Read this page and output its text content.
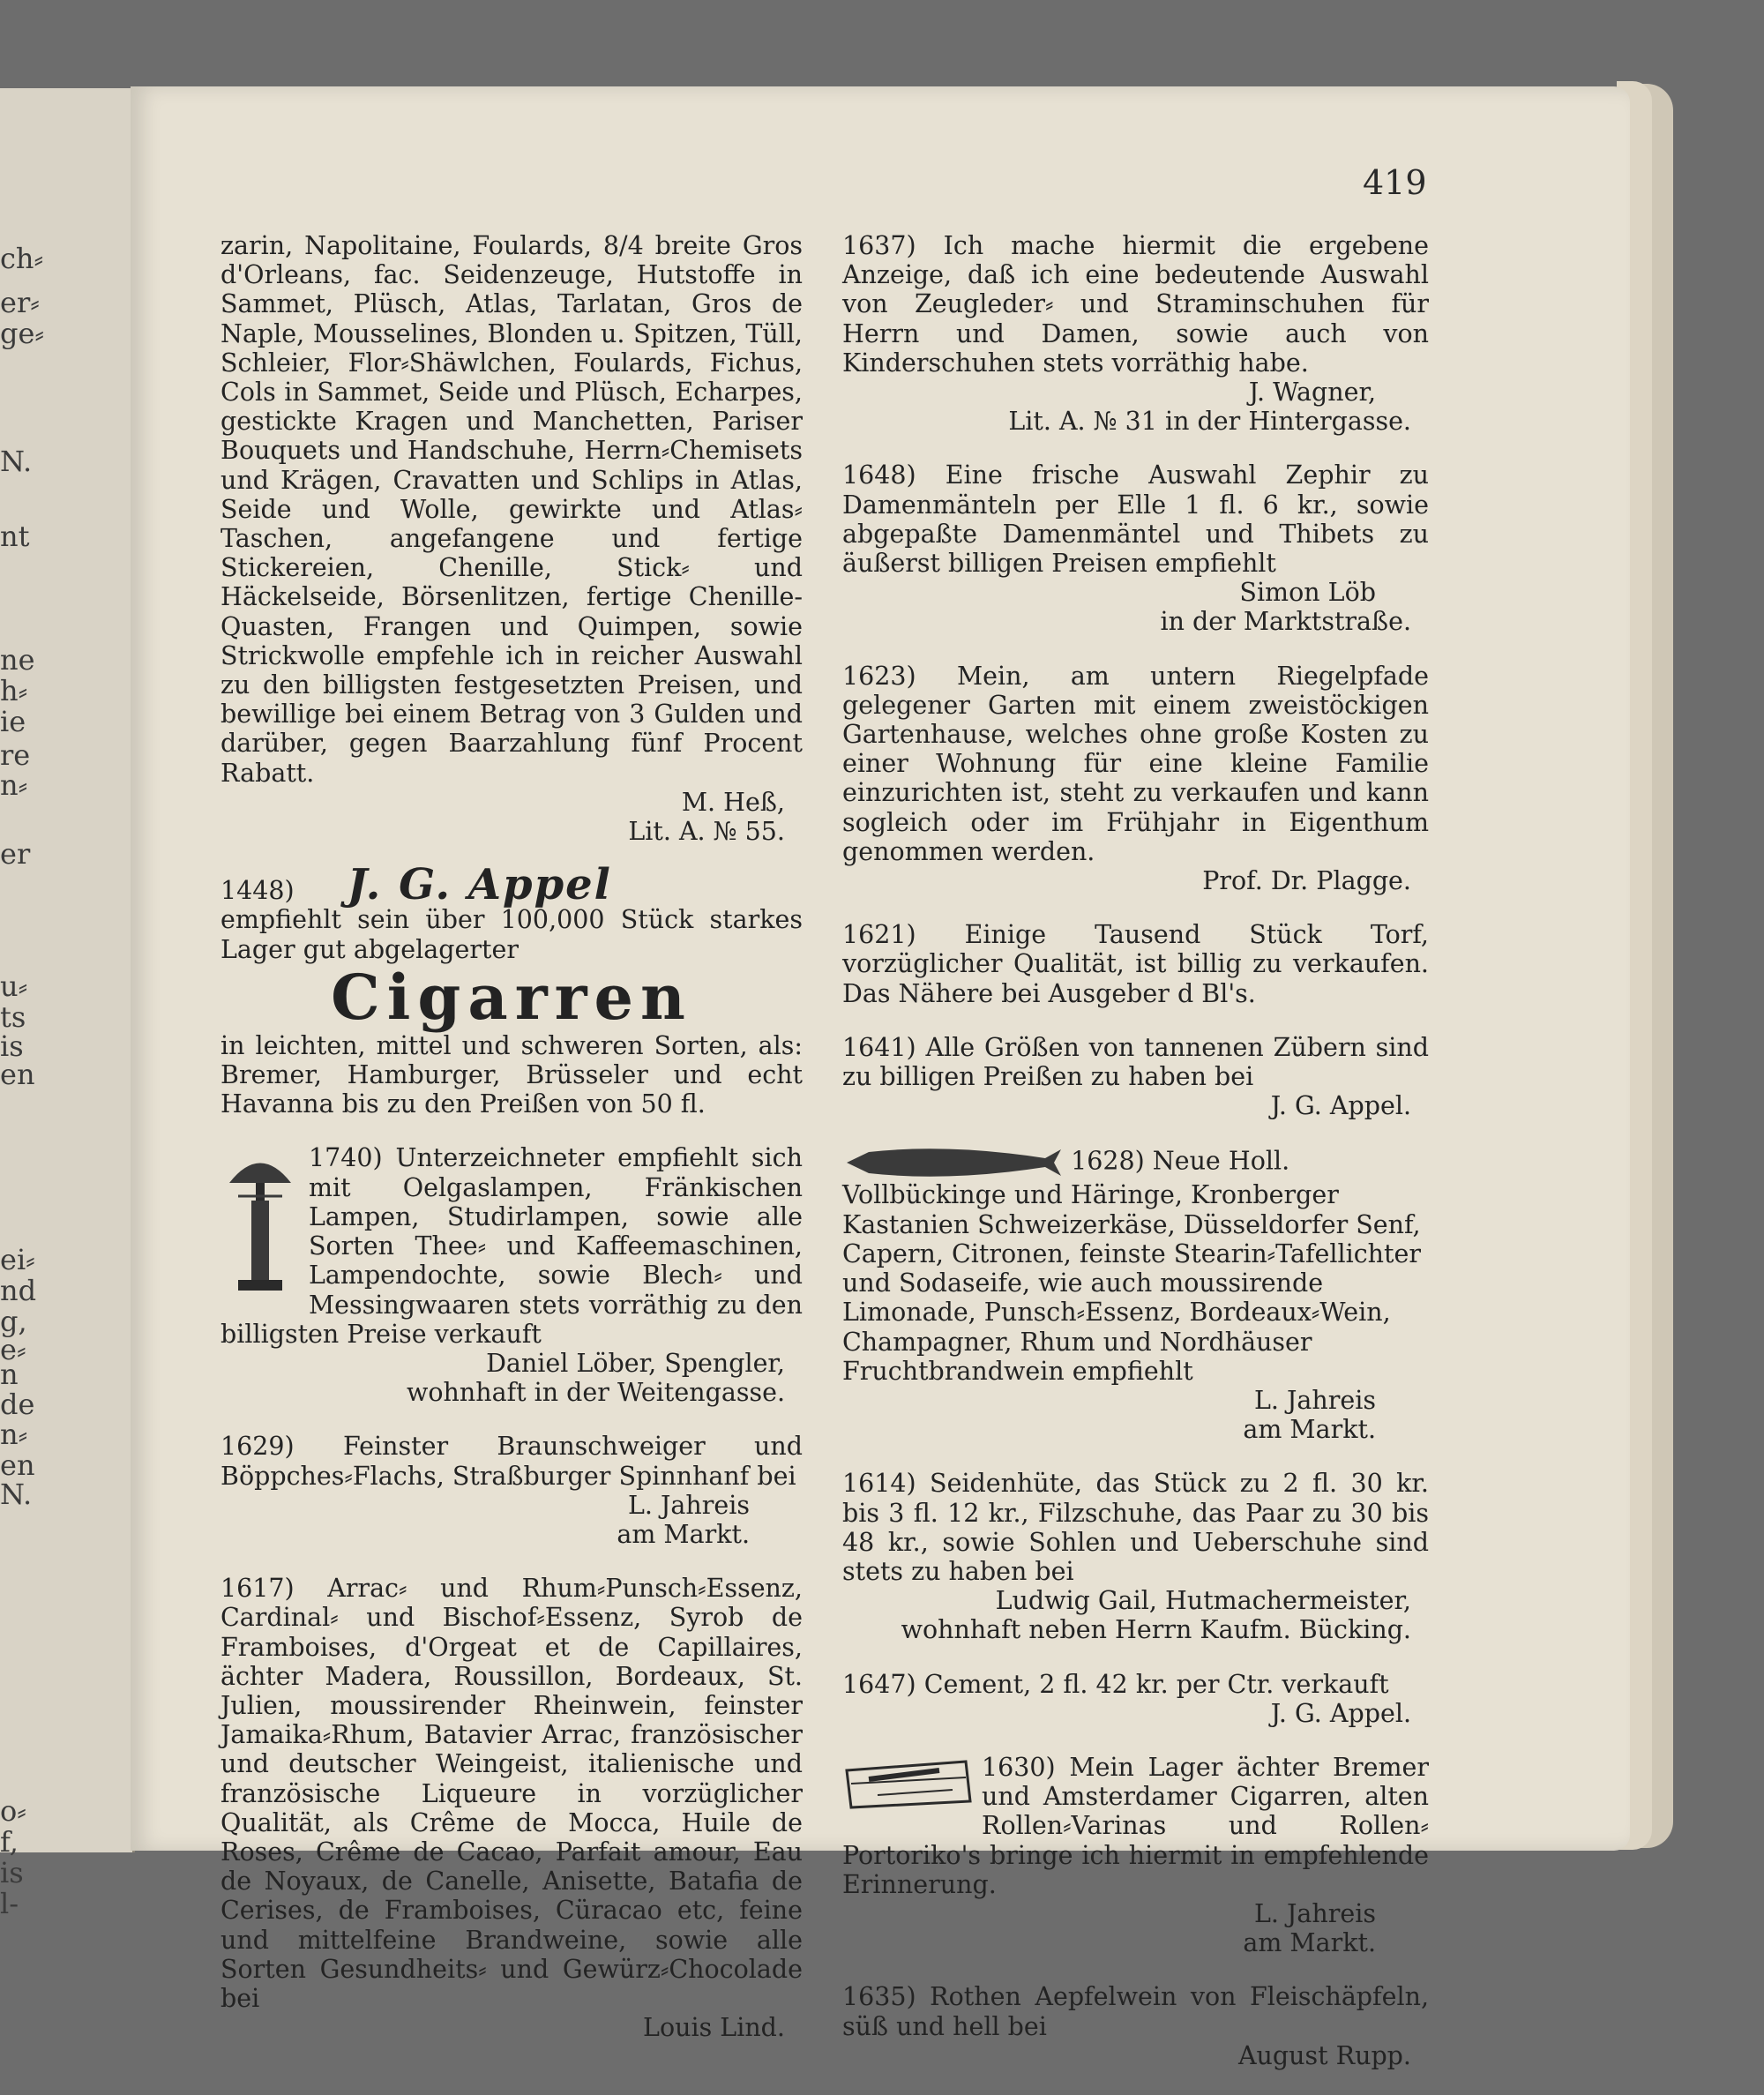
ch⸗
er⸗
ge⸗
N.
nt
ne
h⸗
ie
re
n⸗
er
u⸗
ts
is
en
ei⸗
nd
g,
e⸗
n
de
n⸗
en
N.
o⸗
f,
is
l-
419

zarin, Napolitaine, Foulards, 8/4 breite Gros d'Orleans, fac. Seidenzeuge, Hutstoffe in Sammet, Plüsch, Atlas, Tarlatan, Gros de Naple, Mousselines, Blonden u. Spitzen, Tüll, Schleier, Flor⸗Shäwlchen, Foulards, Fichus, Cols in Sammet, Seide und Plüsch, Echarpes, gestickte Kragen und Manchetten, Pariser Bouquets und Handschuhe, Herrn⸗Chemisets und Krägen, Cravatten und Schlips in Atlas, Seide und Wolle, gewirkte und Atlas⸗Taschen, angefangene und fertige Stickereien, Chenille, Stick⸗ und Häckelseide, Börsenlitzen, fertige Chenille-Quasten, Frangen und Quimpen, sowie Strickwolle empfehle ich in reicher Auswahl zu den billigsten festgesetzten Preisen, und bewillige bei einem Betrag von 3 Gulden und darüber, gegen Baarzahlung fünf Procent Rabatt.

M. Heß,
Lit. A. № 55.
1448) J. G. Appel

empfiehlt sein über 100,000 Stück starkes Lager gut abgelagerter

Cigarren

in leichten, mittel und schweren Sorten, als: Bremer, Hamburger, Brüsseler und echt Havanna bis zu den Preißen von 50 fl.

1740) Unterzeichneter empfiehlt sich mit Oelgaslampen, Fränkischen Lampen, Studirlampen, sowie alle Sorten Thee⸗ und Kaffeemaschinen, Lampendochte, sowie Blech⸗ und Messingwaaren stets vorräthig zu den billigsten Preise verkauft

Daniel Löber, Spengler,
wohnhaft in der Weitengasse.

1629) Feinster Braunschweiger und Böppches⸗Flachs, Straßburger Spinnhanf bei

L. Jahreis
am Markt.

1617) Arrac⸗ und Rhum⸗Punsch⸗Essenz, Cardinal⸗ und Bischof⸗Essenz, Syrob de Framboises, d'Orgeat et de Capillaires, ächter Madera, Roussillon, Bordeaux, St. Julien, moussirender Rheinwein, feinster Jamaika⸗Rhum, Batavier Arrac, französischer und deutscher Weingeist, italienische und französische Liqueure in vorzüglicher Qualität, als Crême de Mocca, Huile de Roses, Crême de Cacao, Parfait amour, Eau de Noyaux, de Canelle, Anisette, Batafia de Cerises, de Framboises, Cüracao etc, feine und mittelfeine Brandweine, sowie alle Sorten Gesundheits⸗ und Gewürz⸗Chocolade bei

Louis Lind.

1637) Ich mache hiermit die ergebene Anzeige, daß ich eine bedeutende Auswahl von Zeugleder⸗ und Straminschuhen für Herrn und Damen, sowie auch von Kinderschuhen stets vorräthig habe.

J. Wagner,
Lit. A. № 31 in der Hintergasse.

1648) Eine frische Auswahl Zephir zu Damenmänteln per Elle 1 fl. 6 kr., sowie abgepaßte Damenmäntel und Thibets zu äußerst billigen Preisen empfiehlt

Simon Löb
in der Marktstraße.

1623) Mein, am untern Riegelpfade gelegener Garten mit einem zweistöckigen Gartenhause, welches ohne große Kosten zu einer Wohnung für eine kleine Familie einzurichten ist, steht zu verkaufen und kann sogleich oder im Frühjahr in Eigenthum genommen werden.

Prof. Dr. Plagge.

1621) Einige Tausend Stück Torf, vorzüglicher Qualität, ist billig zu verkaufen. Das Nähere bei Ausgeber d Bl's.

1641) Alle Größen von tannenen Zübern sind zu billigen Preißen zu haben bei

J. G. Appel.
1628) Neue Holl. Vollbückinge und Häringe, Kronberger Kastanien Schweizerkäse, Düsseldorfer Senf, Capern, Citronen, feinste Stearin⸗Tafellichter und Sodaseife, wie auch moussirende Limonade, Punsch⸗Essenz, Bordeaux⸗Wein, Champagner, Rhum und Nordhäuser Fruchtbrandwein empfiehlt
L. Jahreis
am Markt.

1614) Seidenhüte, das Stück zu 2 fl. 30 kr. bis 3 fl. 12 kr., Filzschuhe, das Paar zu 30 bis 48 kr., sowie Sohlen und Ueberschuhe sind stets zu haben bei

Ludwig Gail, Hutmachermeister,
wohnhaft neben Herrn Kaufm. Bücking.

1647) Cement, 2 fl. 42 kr. per Ctr. verkauft

J. G. Appel.

1630) Mein Lager ächter Bremer und Amsterdamer Cigarren, alten Rollen⸗Varinas und Rollen⸗Portoriko's bringe ich hiermit in empfehlende Erinnerung.

L. Jahreis
am Markt.

1635) Rothen Aepfelwein von Fleischäpfeln, süß und hell bei

August Rupp.
